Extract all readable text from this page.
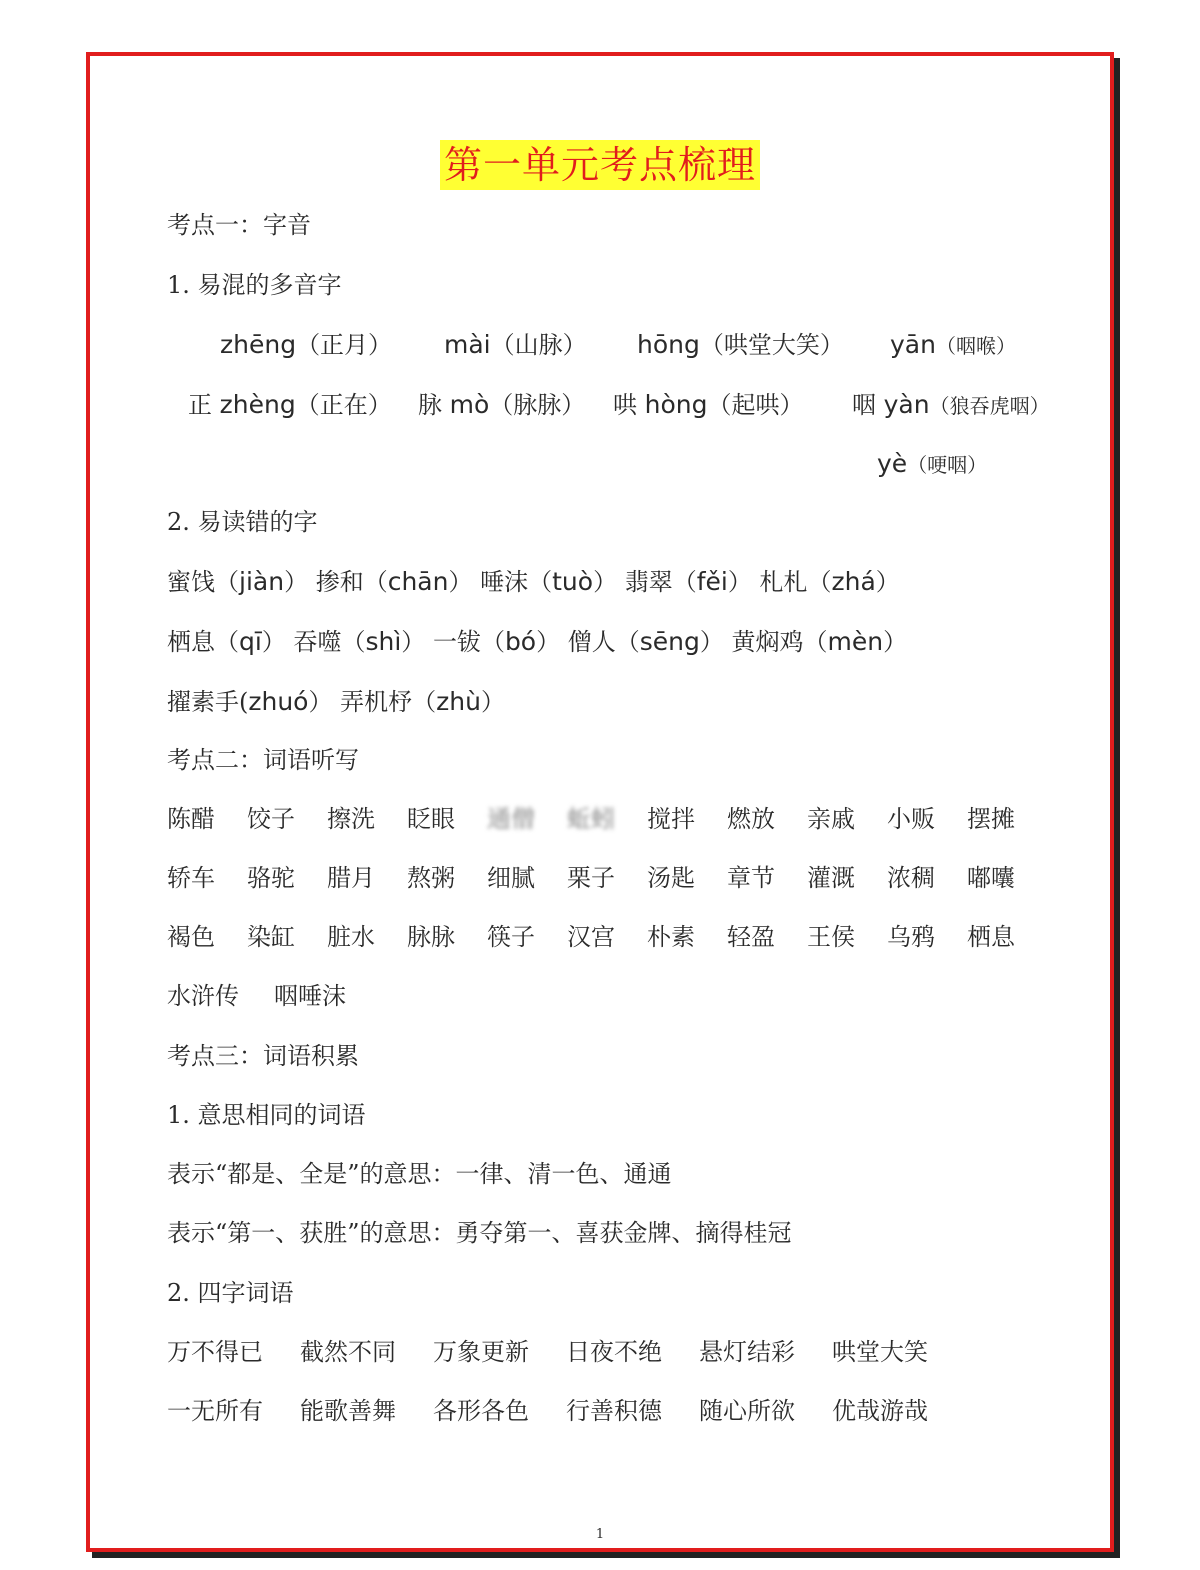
第一单元考点梳理
考点一：字音
1. 易混的多音字
zhēng（正月） mài（山脉） hōng（哄堂大笑） yān（咽喉）
正 zhèng（正在） 脉 mò（脉脉） 哄 hòng（起哄） 咽 yàn（狼吞虎咽）
yè（哽咽）
2. 易读错的字
蜜饯（jiàn） 掺和（chān） 唾沫（tuò） 翡翠（fěi） 札札（zhá）
栖息（qī） 吞噬（shì） 一钹（bó） 僧人（sēng） 黄焖鸡（mèn）
擢素手(zhuó） 弄机杼（zhù）
考点二：词语听写
陈醋 饺子 擦洗 眨眼 通僧 蚯蚓 搅拌 燃放 亲戚 小贩 摆摊
轿车 骆驼 腊月 熬粥 细腻 栗子 汤匙 章节 灌溉 浓稠 嘟囔
褐色 染缸 脏水 脉脉 筷子 汉宫 朴素 轻盈 王侯 乌鸦 栖息
水浒传 咽唾沫
考点三：词语积累
1. 意思相同的词语
表示“都是、全是”的意思：一律、清一色、通通
表示“第一、获胜”的意思：勇夺第一、喜获金牌、摘得桂冠
2. 四字词语
万不得已 截然不同 万象更新 日夜不绝 悬灯结彩 哄堂大笑
一无所有 能歌善舞 各形各色 行善积德 随心所欲 优哉游哉
1
